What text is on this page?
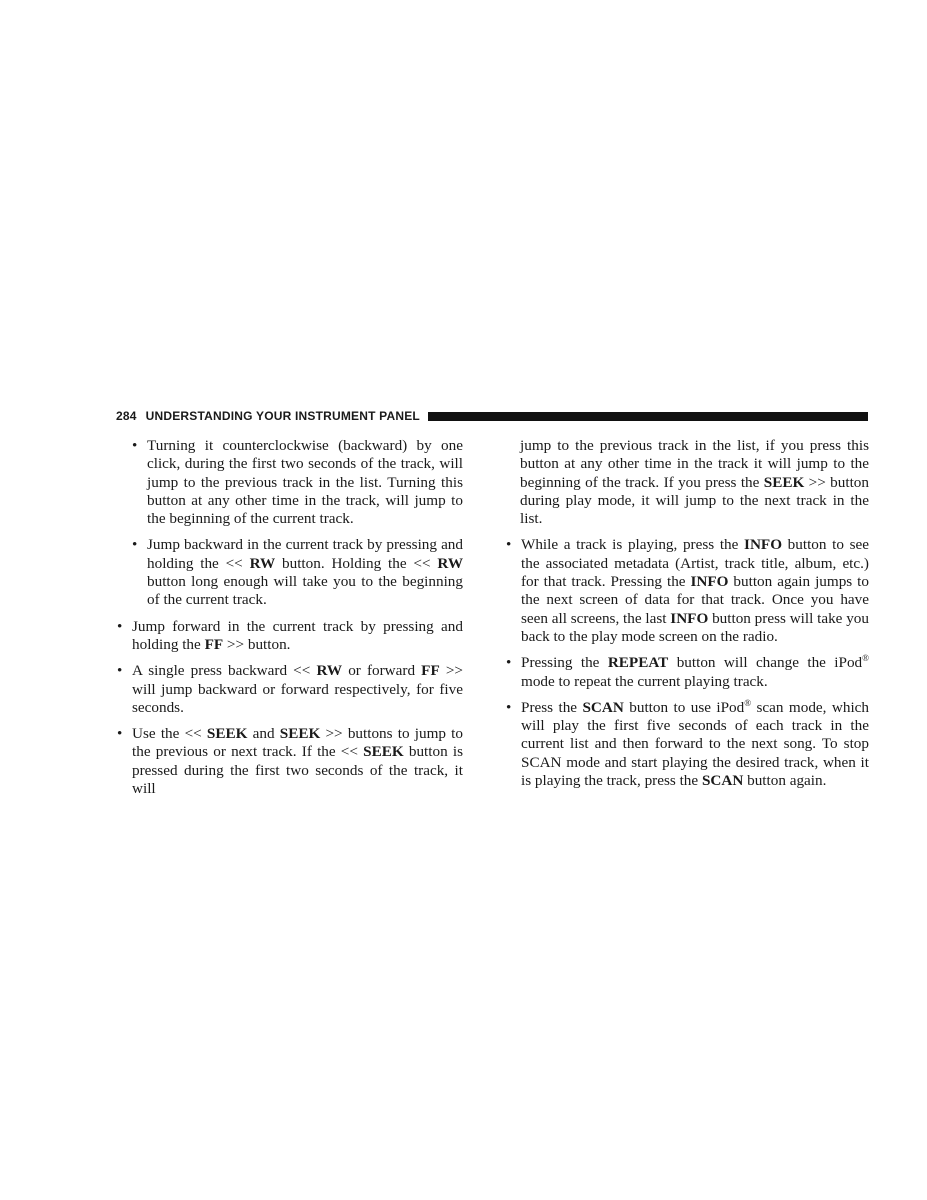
284 UNDERSTANDING YOUR INSTRUMENT PANEL
• Turning it counterclockwise (backward) by one click, during the first two seconds of the track, will jump to the previous track in the list. Turning this button at any other time in the track, will jump to the beginning of the current track.
• Jump backward in the current track by pressing and holding the << RW button. Holding the << RW button long enough will take you to the beginning of the current track.
• Jump forward in the current track by pressing and holding the FF >> button.
• A single press backward << RW or forward FF >> will jump backward or forward respectively, for five seconds.
• Use the << SEEK and SEEK >> buttons to jump to the previous or next track. If the << SEEK button is pressed during the first two seconds of the track, it will
jump to the previous track in the list, if you press this button at any other time in the track it will jump to the beginning of the track. If you press the SEEK >> button during play mode, it will jump to the next track in the list.
• While a track is playing, press the INFO button to see the associated metadata (Artist, track title, album, etc.) for that track. Pressing the INFO button again jumps to the next screen of data for that track. Once you have seen all screens, the last INFO button press will take you back to the play mode screen on the radio.
• Pressing the REPEAT button will change the iPod® mode to repeat the current playing track.
• Press the SCAN button to use iPod® scan mode, which will play the first five seconds of each track in the current list and then forward to the next song. To stop SCAN mode and start playing the desired track, when it is playing the track, press the SCAN button again.
